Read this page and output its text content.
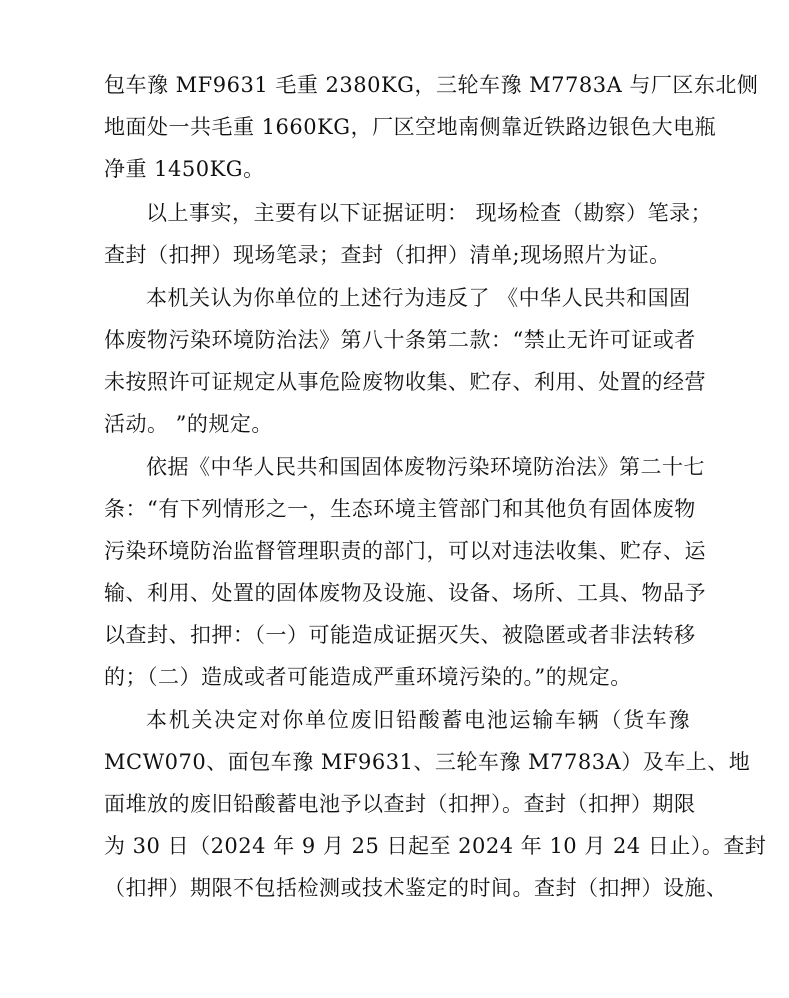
包车豫 MF9631 毛重 2380KG，三轮车豫 M7783A 与厂区东北侧
地面处一共毛重 1660KG，厂区空地南侧靠近铁路边银色大电瓶
净重 1450KG。
以上事实，主要有以下证据证明： 现场检查（勘察）笔录；
查封（扣押）现场笔录；查封（扣押）清单;现场照片为证。
本机关认为你单位的上述行为违反了 《中华人民共和国固
体废物污染环境防治法》第八十条第二款：“禁止无许可证或者
未按照许可证规定从事危险废物收集、贮存、利用、处置的经营
活动。 ”的规定。
依据《中华人民共和国固体废物污染环境防治法》第二十七
条：“有下列情形之一，生态环境主管部门和其他负有固体废物
污染环境防治监督管理职责的部门，可以对违法收集、贮存、运
输、利用、处置的固体废物及设施、设备、场所、工具、物品予
以查封、扣押：（一）可能造成证据灭失、被隐匿或者非法转移
的；（二）造成或者可能造成严重环境污染的。”的规定。
本机关决定对你单位废旧铅酸蓄电池运输车辆（货车豫
MCW070、面包车豫 MF9631、三轮车豫 M7783A）及车上、地
面堆放的废旧铅酸蓄电池予以查封（扣押）。查封（扣押）期限
为 30 日（2024 年 9 月 25 日起至 2024 年 10 月 24 日止）。查封
（扣押）期限不包括检测或技术鉴定的时间。查封（扣押）设施、
